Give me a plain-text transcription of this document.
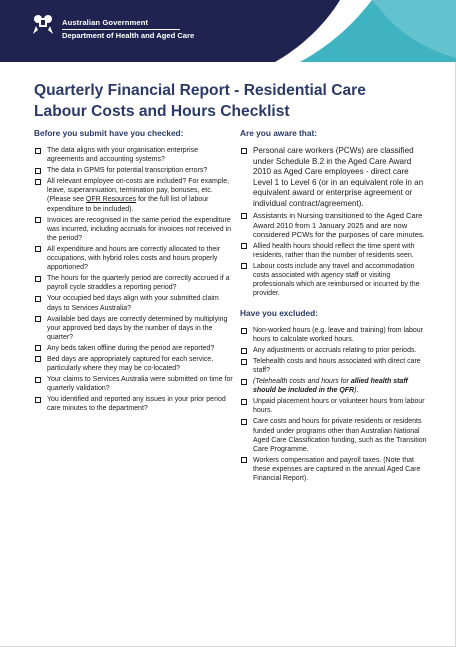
Australian Government
Department of Health and Aged Care
Quarterly Financial Report - Residential Care
Labour Costs and Hours Checklist
Before you submit have you checked:
The data aligns with your organisation enterprise agreements and accounting systems?
The data in GPMS for potential transcription errors?
All relevant employee on-costs are included? For example, leave, superannuation, termination pay, bonuses, etc. (Please see QFR Resources for the full list of labour expenditure to be included).
Invoices are recognised in the same period the expenditure was incurred, including accruals for invoices not received in the period?
All expenditure and hours are correctly allocated to their occupations, with hybrid roles costs and hours properly apportioned?
The hours for the quarterly period are correctly accrued if a payroll cycle straddles a reporting period?
Your occupied bed days align with your submitted claim days to Services Australia?
Available bed days are correctly determined by multiplying your approved bed days by the number of days in the quarter?
Any beds taken offline during the period are reported?
Bed days are appropriately captured for each service, particularly where they may be co-located?
Your claims to Services Australia were submitted on time for quarterly validation?
You identified and reported any issues in your prior period care minutes to the department?
Are you aware that:
Personal care workers (PCWs) are classified under Schedule B.2 in the Aged Care Award 2010 as Aged Care employees - direct care Level 1 to Level 6 (or in an equivalent role in an equivalent award or enterprise agreement or individual contract/agreement).
Assistants in Nursing transitioned to the Aged Care Award 2010 from 1 January 2025 and are now considered PCWs for the purposes of care minutes.
Allied health hours should reflect the time spent with residents, rather than the number of residents seen.
Labour costs include any travel and accommodation costs associated with agency staff or visiting professionals which are reimbursed or incurred by the provider.
Have you excluded:
Non-worked hours (e.g. leave and training) from labour hours to calculate worked hours.
Any adjustments or accruals relating to prior periods.
Telehealth costs and hours associated with direct care staff?
(Telehealth costs and hours for allied health staff should be included in the QFR).
Unpaid placement hours or volunteer hours from labour hours.
Care costs and hours for private residents or residents funded under programs other than Australian National Aged Care Classification funding, such as the Transition Care Programme.
Workers compensation and payroll taxes. (Note that these expenses are captured in the annual Aged Care Financial Report).
